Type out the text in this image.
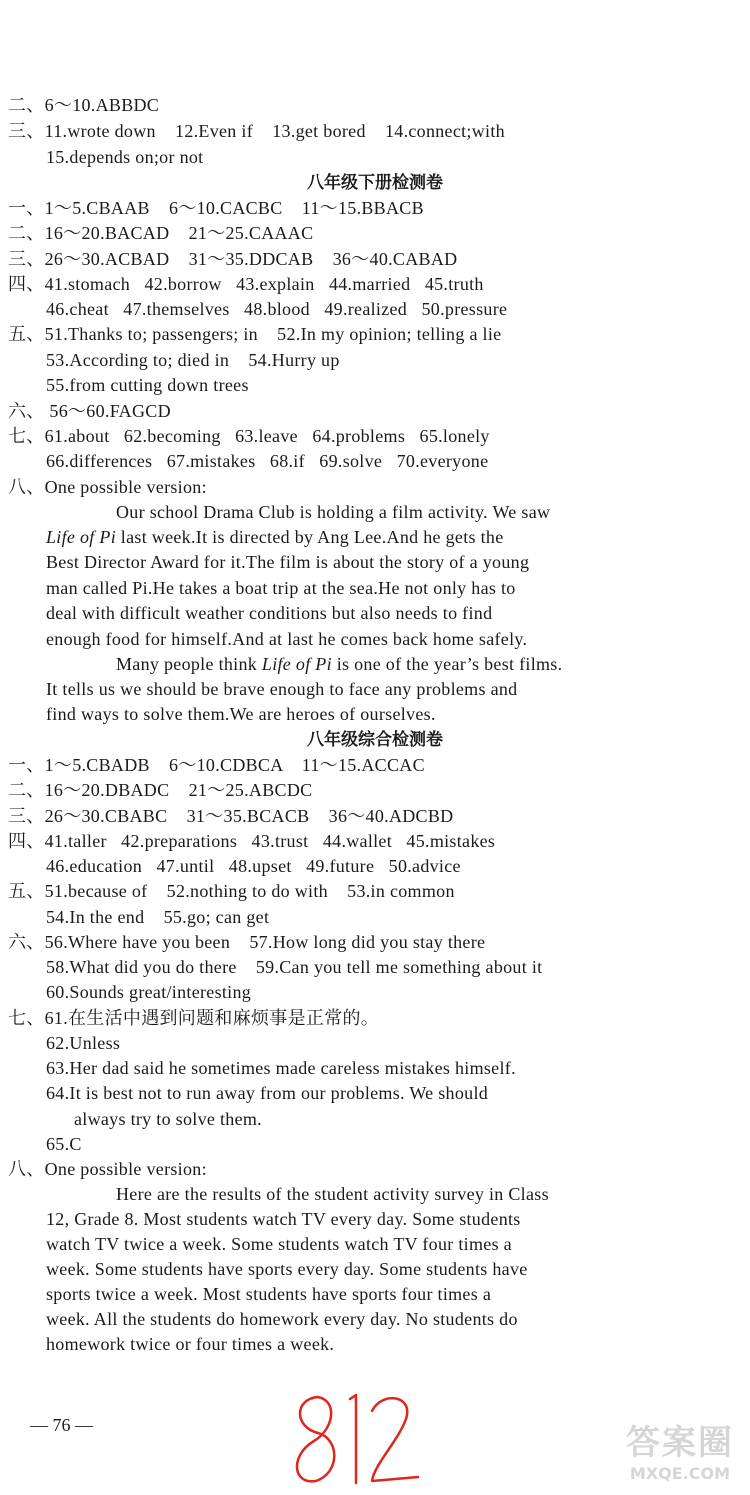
二、6～10.ABBDC
三、11.wrote down    12.Even if    13.get bored    14.connect;with
15.depends on;or not
八年级下册检测卷
一、1～5.CBAAB    6～10.CACBC    11～15.BBACB
二、16～20.BACAD    21～25.CAAAC
三、26～30.ACBAD    31～35.DDCAB    36～40.CABAD
四、41.stomach   42.borrow   43.explain   44.married   45.truth
46.cheat   47.themselves   48.blood   49.realized   50.pressure
五、51.Thanks to; passengers; in    52.In my opinion; telling a lie
53.According to; died in    54.Hurry up
55.from cutting down trees
六、 56～60.FAGCD
七、61.about   62.becoming   63.leave   64.problems   65.lonely
66.differences   67.mistakes   68.if   69.solve   70.everyone
八、One possible version:
Our school Drama Club is holding a film activity. We saw
Life of Pi last week.It is directed by Ang Lee.And he gets the
Best Director Award for it.The film is about the story of a young
man called Pi.He takes a boat trip at the sea.He not only has to
deal with difficult weather conditions but also needs to find
enough food for himself.And at last he comes back home safely.
Many people think Life of Pi is one of the year’s best films.
It tells us we should be brave enough to face any problems and
find ways to solve them.We are heroes of ourselves.
八年级综合检测卷
一、1～5.CBADB    6～10.CDBCA    11～15.ACCAC
二、16～20.DBADC    21～25.ABCDC
三、26～30.CBABC    31～35.BCACB    36～40.ADCBD
四、41.taller   42.preparations   43.trust   44.wallet   45.mistakes
46.education   47.until   48.upset   49.future   50.advice
五、51.because of    52.nothing to do with    53.in common
54.In the end    55.go; can get
六、56.Where have you been    57.How long did you stay there
58.What did you do there    59.Can you tell me something about it
60.Sounds great/interesting
七、61.在生活中遇到问题和麻烦事是正常的。
62.Unless
63.Her dad said he sometimes made careless mistakes himself.
64.It is best not to run away from our problems. We should
always try to solve them.
65.C
八、One possible version:
Here are the results of the student activity survey in Class
12, Grade 8. Most students watch TV every day. Some students
watch TV twice a week. Some students watch TV four times a
week. Some students have sports every day. Some students have
sports twice a week. Most students have sports four times a
week. All the students do homework every day. No students do
homework twice or four times a week.
— 76 —	答案圈
MXQE.COM
